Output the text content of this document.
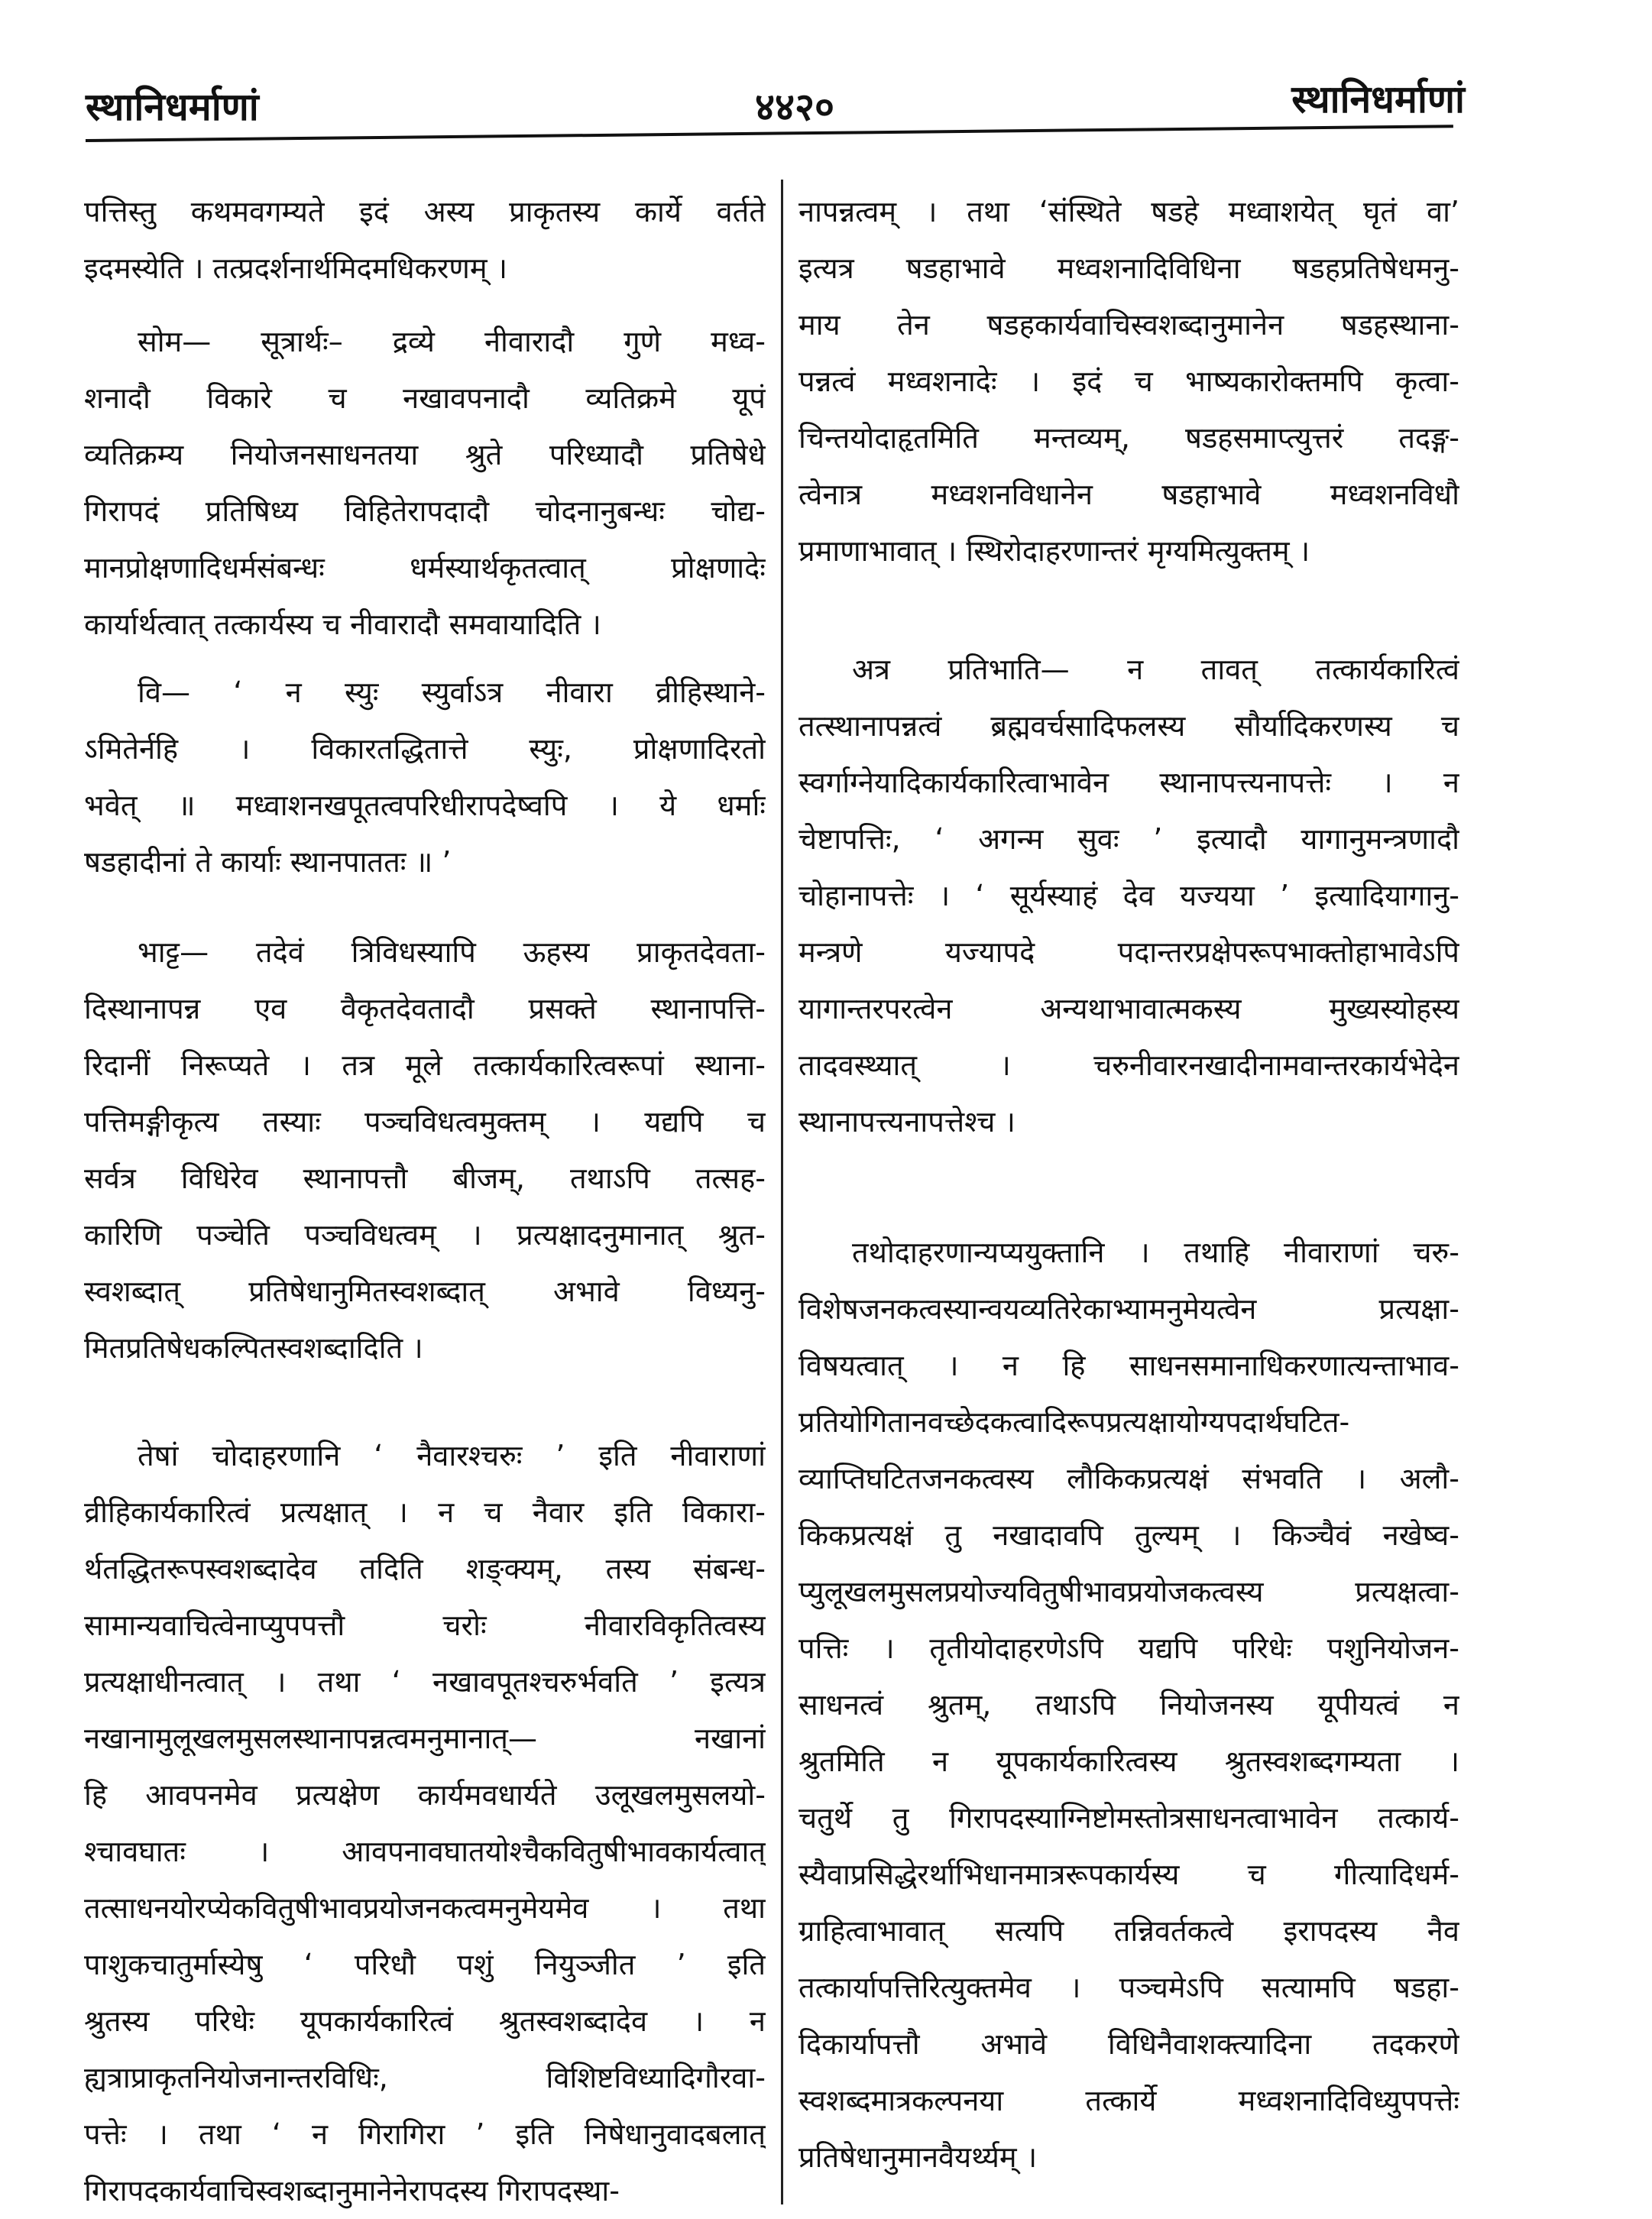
स्थानिधर्माणां	४४२०	स्थानिधर्माणां
पत्तिस्तु कथमवगम्यते इदं अस्य प्राकृतस्य कार्ये वर्तते
इदमस्येति । तत्प्रदर्शनार्थमिदमधिकरणम् ।
सोम— सूत्रार्थः– द्रव्ये नीवारादौ गुणे मध्व-
शनादौ विकारे च नखावपनादौ व्यतिक्रमे यूपं
व्यतिक्रम्य नियोजनसाधनतया श्रुते परिध्यादौ प्रतिषेधे
गिरापदं प्रतिषिध्य विहितेरापदादौ चोदनानुबन्धः चोद्य-
मानप्रोक्षणादिधर्मसंबन्धः धर्मस्यार्थकृतत्वात् प्रोक्षणादेः
कार्यार्थत्वात् तत्कार्यस्य च नीवारादौ समवायादिति ।
वि— ‘ न स्युः स्युर्वाऽत्र नीवारा व्रीहिस्थाने-
ऽमितेर्नहि । विकारतद्धितात्ते स्युः, प्रोक्षणादिरतो
भवेत् ॥ मध्वाशनखपूतत्वपरिधीरापदेष्वपि । ये धर्माः
षडहादीनां ते कार्याः स्थानपाततः ॥ ’
भाट्ट— तदेवं त्रिविधस्यापि ऊहस्य प्राकृतदेवता-
दिस्थानापन्न एव वैकृतदेवतादौ प्रसक्ते स्थानापत्ति-
रिदानीं निरूप्यते । तत्र मूले तत्कार्यकारित्वरूपां स्थाना-
पत्तिमङ्गीकृत्य तस्याः पञ्चविधत्वमुक्तम् । यद्यपि च
सर्वत्र विधिरेव स्थानापत्तौ बीजम्, तथाऽपि तत्सह-
कारिणि पञ्चेति पञ्चविधत्वम् । प्रत्यक्षादनुमानात् श्रुत-
स्वशब्दात् प्रतिषेधानुमितस्वशब्दात् अभावे विध्यनु-
मितप्रतिषेधकल्पितस्वशब्दादिति ।
तेषां चोदाहरणानि ‘ नैवारश्चरुः ’ इति नीवाराणां
व्रीहिकार्यकारित्वं प्रत्यक्षात् । न च नैवार इति विकारा-
र्थतद्धितरूपस्वशब्दादेव तदिति शङ्क्यम्, तस्य संबन्ध-
सामान्यवाचित्वेनाप्युपपत्तौ चरोः नीवारविकृतित्वस्य
प्रत्यक्षाधीनत्वात् । तथा ‘ नखावपूतश्चरुर्भवति ’ इत्यत्र
नखानामुलूखलमुसलस्थानापन्नत्वमनुमानात्— नखानां
हि आवपनमेव प्रत्यक्षेण कार्यमवधार्यते उलूखलमुसलयो-
श्चावघातः । आवपनावघातयोश्चैकवितुषीभावकार्यत्वात्
तत्साधनयोरप्येकवितुषीभावप्रयोजनकत्वमनुमेयमेव । तथा
पाशुकचातुर्मास्येषु ‘ परिधौ पशुं नियुञ्जीत ’ इति
श्रुतस्य परिधेः यूपकार्यकारित्वं श्रुतस्वशब्दादेव । न
ह्यत्राप्राकृतनियोजनान्तरविधिः, विशिष्टविध्यादिगौरवा-
पत्तेः । तथा ‘ न गिरागिरा ’ इति निषेधानुवादबलात्
गिरापदकार्यवाचिस्वशब्दानुमानेनेरापदस्य गिरापदस्था-
नापन्नत्वम् । तथा ‘संस्थिते षडहे मध्वाशयेत् घृतं वा’
इत्यत्र षडहाभावे मध्वशनादिविधिना षडहप्रतिषेधमनु-
माय तेन षडहकार्यवाचिस्वशब्दानुमानेन षडहस्थाना-
पन्नत्वं मध्वशनादेः । इदं च भाष्यकारोक्तमपि कृत्वा-
चिन्तयोदाहृतमिति मन्तव्यम्, षडहसमाप्त्युत्तरं तदङ्ग-
त्वेनात्र मध्वशनविधानेन षडहाभावे मध्वशनविधौ
प्रमाणाभावात् । स्थिरोदाहरणान्तरं मृग्यमित्युक्तम् ।
अत्र प्रतिभाति— न तावत् तत्कार्यकारित्वं
तत्स्थानापन्नत्वं ब्रह्मवर्चसादिफलस्य सौर्यादिकरणस्य च
स्वर्गाग्नेयादिकार्यकारित्वाभावेन स्थानापत्त्यनापत्तेः । न
चेष्टापत्तिः, ‘ अगन्म सुवः ’ इत्यादौ यागानुमन्त्रणादौ
चोहानापत्तेः । ‘ सूर्यस्याहं देव यज्यया ’ इत्यादियागानु-
मन्त्रणे यज्यापदे पदान्तरप्रक्षेपरूपभाक्तोहाभावेऽपि
यागान्तरपरत्वेन अन्यथाभावात्मकस्य मुख्यस्योहस्य
तादवस्थ्यात् । चरुनीवारनखादीनामवान्तरकार्यभेदेन
स्थानापत्त्यनापत्तेश्च ।
तथोदाहरणान्यप्ययुक्तानि । तथाहि नीवाराणां चरु-
विशेषजनकत्वस्यान्वयव्यतिरेकाभ्यामनुमेयत्वेन प्रत्यक्षा-
विषयत्वात् । न हि साधनसमानाधिकरणात्यन्ताभाव-
प्रतियोगितानवच्छेदकत्वादिरूपप्रत्यक्षायोग्यपदार्थघटित-
व्याप्तिघटितजनकत्वस्य लौकिकप्रत्यक्षं संभवति । अलौ-
किकप्रत्यक्षं तु नखादावपि तुल्यम् । किञ्चैवं नखेष्व-
प्युलूखलमुसलप्रयोज्यवितुषीभावप्रयोजकत्वस्य प्रत्यक्षत्वा-
पत्तिः । तृतीयोदाहरणेऽपि यद्यपि परिधेः पशुनियोजन-
साधनत्वं श्रुतम्, तथाऽपि नियोजनस्य यूपीयत्वं न
श्रुतमिति न यूपकार्यकारित्वस्य श्रुतस्वशब्दगम्यता ।
चतुर्थे तु गिरापदस्याग्निष्टोमस्तोत्रसाधनत्वाभावेन तत्कार्य-
स्यैवाप्रसिद्धेरर्थाभिधानमात्ररूपकार्यस्य च गीत्यादिधर्म-
ग्राहित्वाभावात् सत्यपि तन्निवर्तकत्वे इरापदस्य नैव
तत्कार्यापत्तिरित्युक्तमेव । पञ्चमेऽपि सत्यामपि षडहा-
दिकार्यापत्तौ अभावे विधिनैवाशक्त्यादिना तदकरणे
स्वशब्दमात्रकल्पनया तत्कार्ये मध्वशनादिविध्युपपत्तेः
प्रतिषेधानुमानवैयर्थ्यम् ।
